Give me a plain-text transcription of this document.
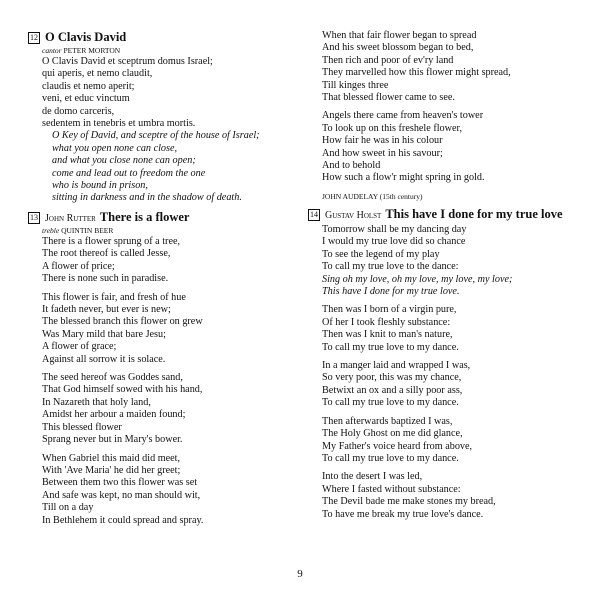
12 O Clavis David
cantor PETER MORTON
O Clavis David et sceptrum domus Israel;
qui aperis, et nemo claudit,
claudis et nemo aperit;
veni, et educ vinctum
de domo carceris,
sedentem in tenebris et umbra mortis.
O Key of David, and sceptre of the house of Israel;
what you open none can close,
and what you close none can open;
come and lead out to freedom the one
who is bound in prison,
sitting in darkness and in the shadow of death.
13 John Rutter There is a flower
treble QUINTIN BEER
There is a flower sprung of a tree,
The root thereof is called Jesse,
A flower of price;
There is none such in paradise.
This flower is fair, and fresh of hue
It fadeth never, but ever is new;
The blessed branch this flower on grew
Was Mary mild that bare Jesu;
A flower of grace;
Against all sorrow it is solace.
The seed hereof was Goddes sand,
That God himself sowed with his hand,
In Nazareth that holy land,
Amidst her arbour a maiden found;
This blessed flower
Sprang never but in Mary's bower.
When Gabriel this maid did meet,
With 'Ave Maria' he did her greet;
Between them two this flower was set
And safe was kept, no man should wit,
Till on a day
In Bethlehem it could spread and spray.
When that fair flower began to spread
And his sweet blossom began to bed,
Then rich and poor of ev'ry land
They marvelled how this flower might spread,
Till kinges three
That blessed flower came to see.
Angels there came from heaven's tower
To look up on this freshele flower,
How fair he was in his colour
And how sweet in his savour;
And to behold
How such a flow'r might spring in gold.
JOHN AUDELAY (15th century)
14 Gustav Holst This have I done for my true love
Tomorrow shall be my dancing day
I would my true love did so chance
To see the legend of my play
To call my true love to the dance:
Sing oh my love, oh my love, my love, my love;
This have I done for my true love.
Then was I born of a virgin pure,
Of her I took fleshly substance:
Then was I knit to man's nature,
To call my true love to my dance.
In a manger laid and wrapped I was,
So very poor, this was my chance,
Betwixt an ox and a silly poor ass,
To call my true love to my dance.
Then afterwards baptized I was,
The Holy Ghost on me did glance,
My Father's voice heard from above,
To call my true love to my dance.
Into the desert I was led,
Where I fasted without substance:
The Devil bade me make stones my bread,
To have me break my true love's dance.
9
